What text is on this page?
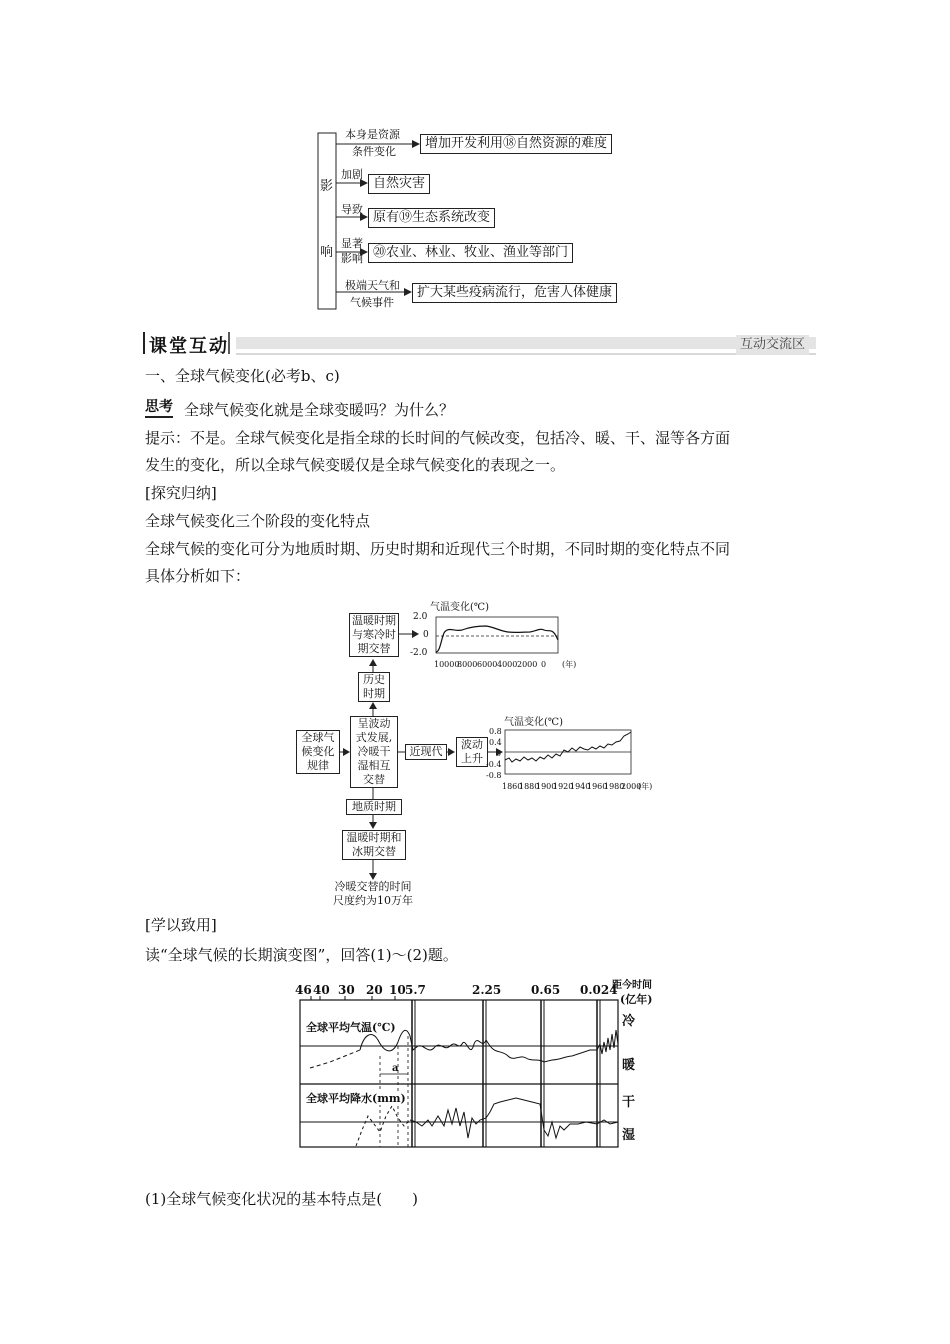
影
响
本身是资源
条件变化
增加开发利用⑱自然资源的难度
加剧
自然灾害
导致
原有⑲生态系统改变
显著
影响 ⑳农业、林业、牧业、渔业等部门
极端天气和
气候事件
扩大某些疫病流行，危害人体健康
课堂互动	互动交流区
一、全球气候变化(必考b、c)
思考 全球气候变化就是全球变暖吗？为什么？
提示：不是。全球气候变化是指全球的长时间的气候改变，包括冷、暖、干、湿等各方面
发生的变化，所以全球气候变暖仅是全球气候变化的表现之一。
[探究归纳]
全球气候变化三个阶段的变化特点
全球气候的变化可分为地质时期、历史时期和近现代三个时期，不同时期的变化特点不同
具体分析如下：
温暖时期
与寒冷时
期交替
历史
时期
全球气
候变化
规律
呈波动
式发展,
冷暖干
湿相互
交替
近现代
波动
上升
地质时期
温暖时期和
冰期交替
冷暖交替的时间
尺度约为10万年
气温变化(℃)
2.0
0
-2.0
10000
8000 6000 4000 2000 0 (年)
气温变化(℃)
0.8
0.4
0
-0.4
-0.8
1860
1880
1900
1920
1940
1960
1980
2000
(年)
[学以致用]
读“全球气候的长期演变图”，回答(1)～(2)题。
46 40 30 20 10 5.7	2.25 0.65 0.024
距今时间
(亿年)
全球平均气温(℃)
全球平均降水(mm)
a
冷
暖
干
湿
(1)全球气候变化状况的基本特点是(　　)
